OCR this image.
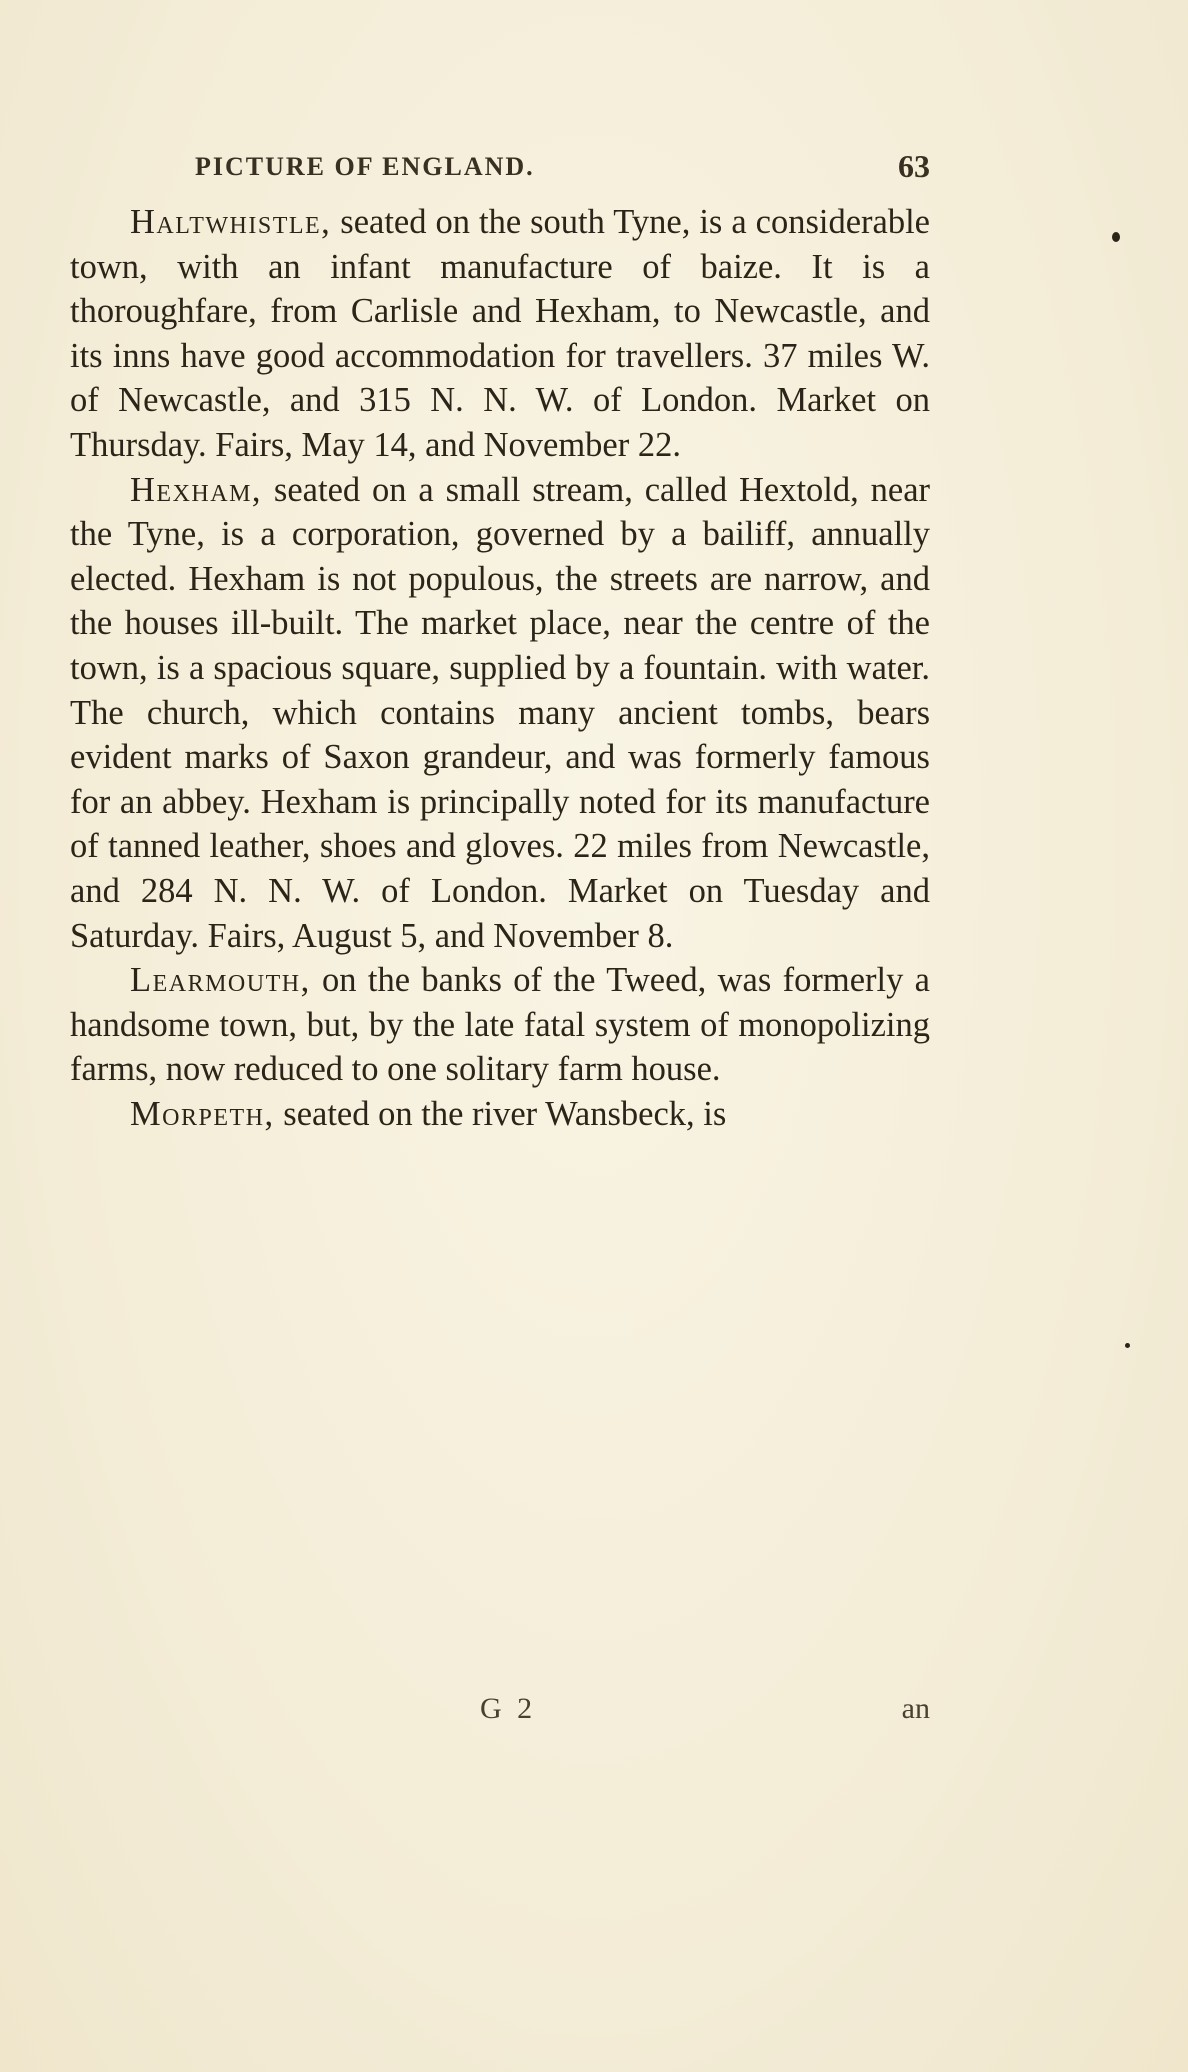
PICTURE OF ENGLAND.	63

Haltwhistle, seated on the south Tyne, is a considerable town, with an infant manufacture of baize. It is a thoroughfare, from Carlisle and Hexham, to Newcastle, and its inns have good accommodation for travellers. 37 miles W. of Newcastle, and 315 N. N. W. of London. Market on Thursday. Fairs, May 14, and November 22.

Hexham, seated on a small stream, called Hextold, near the Tyne, is a corporation, governed by a bailiff, annually elected. Hexham is not populous, the streets are narrow, and the houses ill-built. The market place, near the centre of the town, is a spacious square, supplied by a fountain. with water. The church, which contains many ancient tombs, bears evident marks of Saxon grandeur, and was formerly famous for an abbey. Hexham is principally noted for its manufacture of tanned leather, shoes and gloves. 22 miles from Newcastle, and 284 N. N. W. of London. Market on Tuesday and Saturday. Fairs, August 5, and November 8.

Learmouth, on the banks of the Tweed, was formerly a handsome town, but, by the late fatal system of monopolizing farms, now reduced to one solitary farm house.

Morpeth, seated on the river Wansbeck, is

G 2	an
